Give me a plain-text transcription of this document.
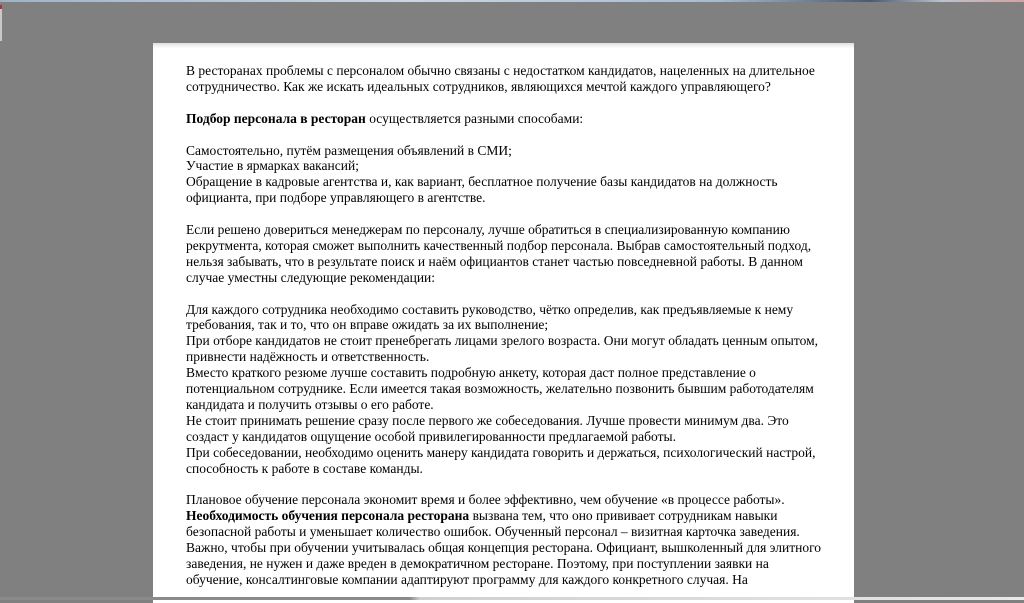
В ресторанах проблемы с персоналом обычно связаны с недостатком кандидатов, нацеленных на длительное сотрудничество. Как же искать идеальных сотрудников, являющихся мечтой каждого управляющего?

Подбор персонала в ресторан осуществляется разными способами:

Самостоятельно, путём размещения объявлений в СМИ;

Участие в ярмарках вакансий;

Обращение в кадровые агентства и, как вариант, бесплатное получение базы кандидатов на должность официанта, при подборе управляющего в агентстве.

Если решено довериться менеджерам по персоналу, лучше обратиться в специализированную компанию рекрутмента, которая сможет выполнить качественный подбор персонала. Выбрав самостоятельный подход, нельзя забывать, что в результате поиск и наём официантов станет частью повседневной работы. В данном случае уместны следующие рекомендации:

Для каждого сотрудника необходимо составить руководство, чётко определив, как предъявляемые к нему требования, так и то, что он вправе ожидать за их выполнение;

При отборе кандидатов не стоит пренебрегать лицами зрелого возраста. Они могут обладать ценным опытом, привнести надёжность и ответственность.

Вместо краткого резюме лучше составить подробную анкету, которая даст полное представление о потенциальном сотруднике. Если имеется такая возможность, желательно позвонить бывшим работодателям кандидата и получить отзывы о его работе.

Не стоит принимать решение сразу после первого же собеседования. Лучше провести минимум два. Это создаст у кандидатов ощущение особой привилегированности предлагаемой работы.

При собеседовании, необходимо оценить манеру кандидата говорить и держаться, психологический настрой, способность к работе в составе команды.

Плановое обучение персонала экономит время и более эффективно, чем обучение «в процессе работы».

Необходимость обучения персонала ресторана вызвана тем, что оно прививает сотрудникам навыки безопасной работы и уменьшает количество ошибок. Обученный персонал – визитная карточка заведения. Важно, чтобы при обучении учитывалась общая концепция ресторана. Официант, вышколенный для элитного заведения, не нужен и даже вреден в демократичном ресторане. Поэтому, при поступлении заявки на обучение, консалтинговые компании адаптируют программу для каждого конкретного случая. На
